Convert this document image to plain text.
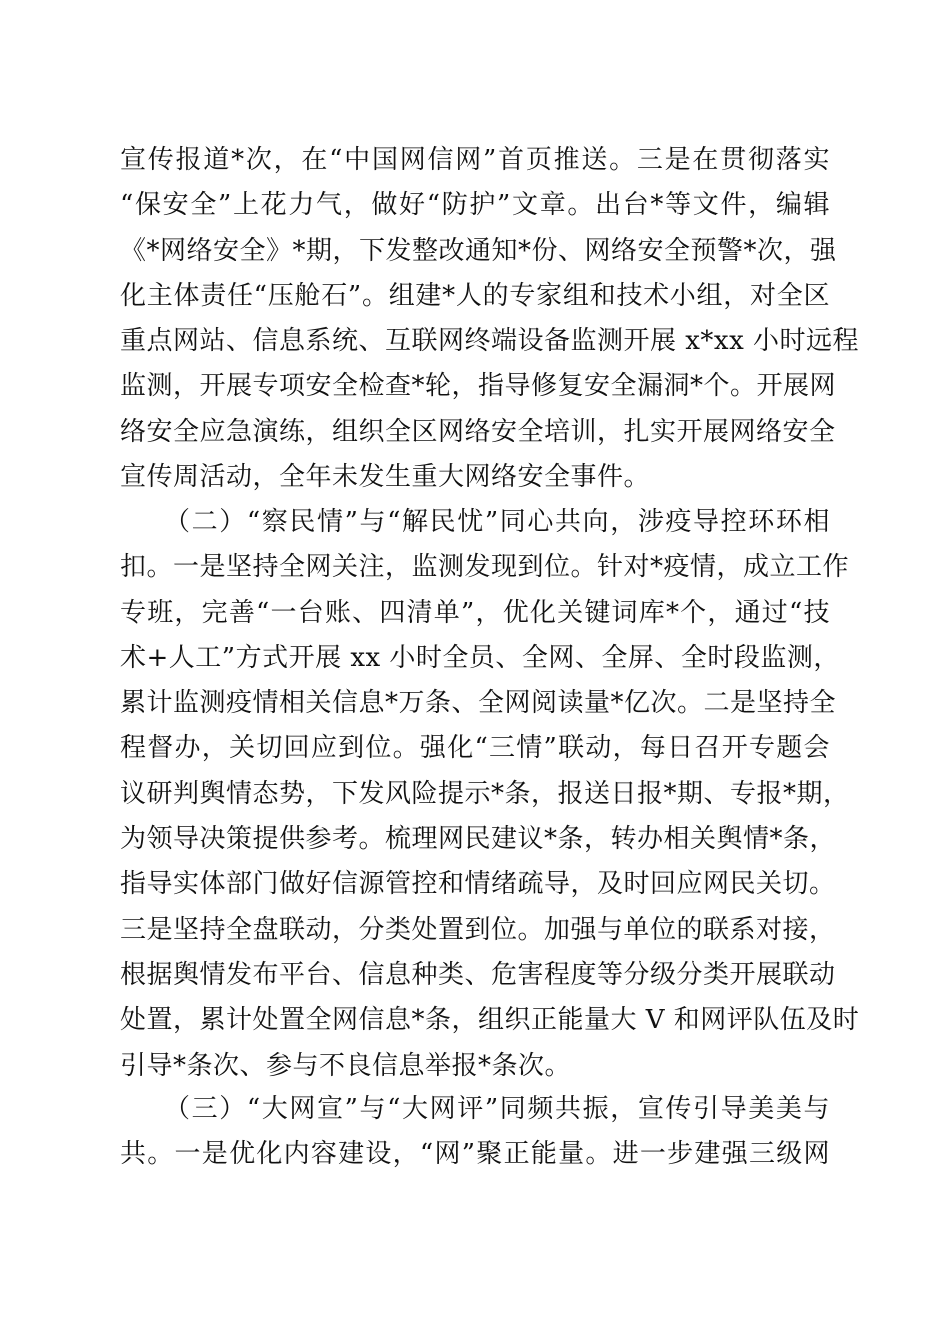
宣传报道*次，在“中国网信网”首页推送。三是在贯彻落实
“保安全”上花力气，做好“防护”文章。出台*等文件，编辑
《*网络安全》*期，下发整改通知*份、网络安全预警*次，强
化主体责任“压舱石”。组建*人的专家组和技术小组，对全区
重点网站、信息系统、互联网终端设备监测开展 x*xx 小时远程
监测，开展专项安全检查*轮，指导修复安全漏洞*个。开展网
络安全应急演练，组织全区网络安全培训，扎实开展网络安全
宣传周活动，全年未发生重大网络安全事件。
（二）“察民情”与“解民忧”同心共向，涉疫导控环环相
扣。一是坚持全网关注，监测发现到位。针对*疫情，成立工作
专班，完善“一台账、四清单”，优化关键词库*个，通过“技
术+人工”方式开展 xx 小时全员、全网、全屏、全时段监测，
累计监测疫情相关信息*万条、全网阅读量*亿次。二是坚持全
程督办，关切回应到位。强化“三情”联动，每日召开专题会
议研判舆情态势，下发风险提示*条，报送日报*期、专报*期，
为领导决策提供参考。梳理网民建议*条，转办相关舆情*条，
指导实体部门做好信源管控和情绪疏导，及时回应网民关切。
三是坚持全盘联动，分类处置到位。加强与单位的联系对接，
根据舆情发布平台、信息种类、危害程度等分级分类开展联动
处置，累计处置全网信息*条，组织正能量大 V 和网评队伍及时
引导*条次、参与不良信息举报*条次。
（三）“大网宣”与“大网评”同频共振，宣传引导美美与
共。一是优化内容建设，“网”聚正能量。进一步建强三级网
